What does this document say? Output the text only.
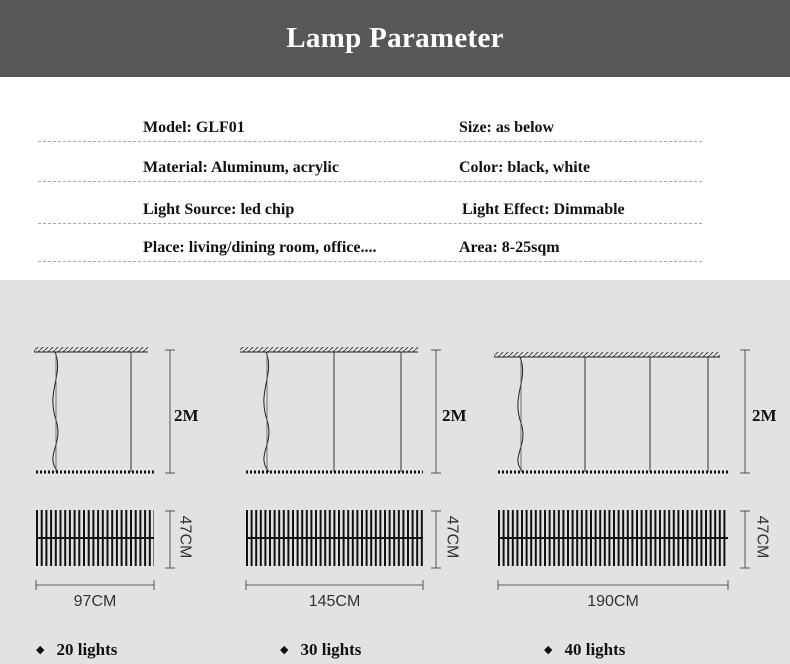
Lamp Parameter
Model: GLF01	Size: as below
Material: Aluminum, acrylic	Color: black, white
Light Source: led chip	Light Effect: Dimmable
Place: living/dining room, office....	Area: 8-25sqm
2M	2M	2M
47CM	47CM	47CM
97CM	145CM	190CM
◆ 20 lights	◆ 30 lights	◆ 40 lights
